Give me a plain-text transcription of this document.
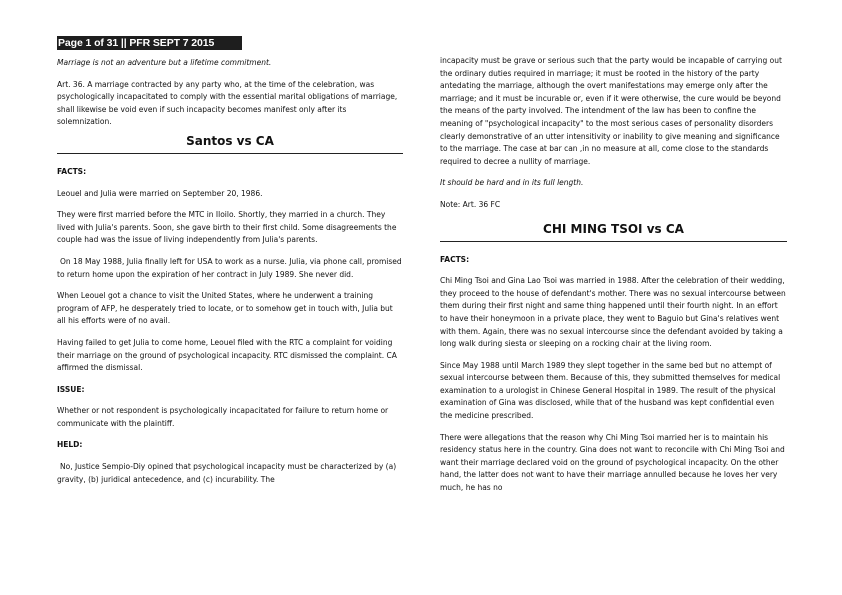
Page 1 of 31 || PFR SEPT 7 2015

Marriage is not an adventure but a lifetime commitment.

Art. 36. A marriage contracted by any party who, at the time of the celebration, was psychologically incapacitated to comply with the essential marital obligations of marriage, shall likewise be void even if such incapacity becomes manifest only after its solemnization.

Santos vs CA

FACTS:

Leouel and Julia were married on September 20, 1986.

They were first married before the MTC in Iloilo. Shortly, they married in a church. They lived with Julia's parents. Soon, she gave birth to their first child. Some disagreements the couple had was the issue of living independently from Julia's parents.

On 18 May 1988, Julia finally left for USA to work as a nurse. Julia, via phone call, promised to return home upon the expiration of her contract in July 1989. She never did.

When Leouel got a chance to visit the United States, where he underwent a training program of AFP, he desperately tried to locate, or to somehow get in touch with, Julia but all his efforts were of no avail.

Having failed to get Julia to come home, Leouel filed with the RTC a complaint for voiding their marriage on the ground of psychological incapacity. RTC dismissed the complaint. CA affirmed the dismissal.

ISSUE:

Whether or not respondent is psychologically incapacitated for failure to return home or communicate with the plaintiff.

HELD:

No, Justice Sempio-Diy opined that psychological incapacity must be characterized by (a) gravity, (b) juridical antecedence, and (c) incurability. The

incapacity must be grave or serious such that the party would be incapable of carrying out the ordinary duties required in marriage; it must be rooted in the history of the party antedating the marriage, although the overt manifestations may emerge only after the marriage; and it must be incurable or, even if it were otherwise, the cure would be beyond the means of the party involved. The intendment of the law has been to confine the meaning of "psychological incapacity" to the most serious cases of personality disorders clearly demonstrative of an utter intensitivity or inability to give meaning and significance to the marriage. The case at bar can ,in no measure at all, come close to the standards required to decree a nullity of marriage.

It should be hard and in its full length.

Note: Art. 36 FC

CHI MING TSOI vs CA

FACTS:

Chi Ming Tsoi and Gina Lao Tsoi was married in 1988. After the celebration of their wedding, they proceed to the house of defendant's mother. There was no sexual intercourse between them during their first night and same thing happened until their fourth night. In an effort to have their honeymoon in a private place, they went to Baguio but Gina's relatives went with them. Again, there was no sexual intercourse since the defendant avoided by taking a long walk during siesta or sleeping on a rocking chair at the living room.

Since May 1988 until March 1989 they slept together in the same bed but no attempt of sexual intercourse between them. Because of this, they submitted themselves for medical examination to a urologist in Chinese General Hospital in 1989. The result of the physical examination of Gina was disclosed, while that of the husband was kept confidential even the medicine prescribed.

There were allegations that the reason why Chi Ming Tsoi married her is to maintain his residency status here in the country. Gina does not want to reconcile with Chi Ming Tsoi and want their marriage declared void on the ground of psychological incapacity. On the other hand, the latter does not want to have their marriage annulled because he loves her very much, he has no
